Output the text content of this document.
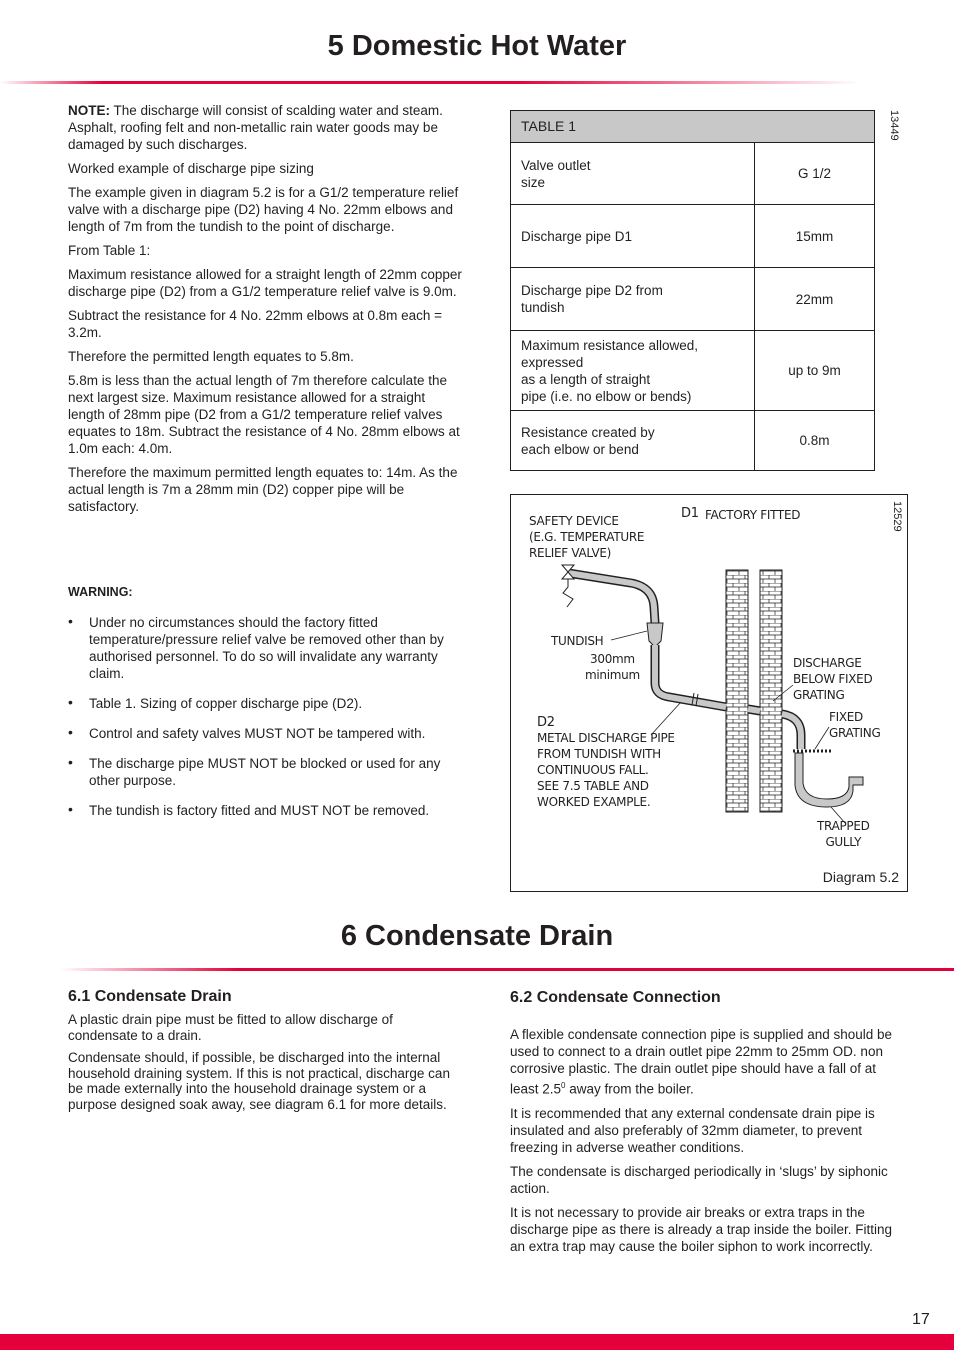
5 Domestic Hot Water

NOTE: The discharge will consist of scalding water and steam. Asphalt, roofing felt and non-metallic rain water goods may be damaged by such discharges.

Worked example of discharge pipe sizing

The example given in diagram 5.2 is for a G1/2 temperature relief valve with a discharge pipe (D2) having 4 No. 22mm elbows and length of 7m from the tundish to the point of discharge.

From Table 1:

Maximum resistance allowed for a straight length of 22mm copper discharge pipe (D2) from a G1/2 temperature relief valve is 9.0m.

Subtract the resistance for 4 No. 22mm elbows at 0.8m each = 3.2m.

Therefore the permitted length equates to 5.8m.

5.8m is less than the actual length of 7m therefore calculate the next largest size. Maximum resistance allowed for a straight length of 28mm pipe (D2 from a G1/2 temperature relief valves equates to 18m. Subtract the resistance of 4 No. 28mm elbows at 1.0m each: 4.0m.

Therefore the maximum permitted length equates to: 14m. As the actual length is 7m a 28mm min (D2) copper pipe will be satisfactory.

WARNING:

• Under no circumstances should the factory fitted temperature/pressure relief valve be removed other than by authorised personnel. To do so will invalidate any warranty claim.
• Table 1. Sizing of copper discharge pipe (D2).
• Control and safety valves MUST NOT be tampered with.
• The discharge pipe MUST NOT be blocked or used for any other purpose.
• The tundish is factory fitted and MUST NOT be removed.
TABLE 1	
Valve outlet
size	G 1/2
Discharge pipe D1	15mm
Discharge pipe D2 from
tundish	22mm
Maximum resistance allowed,
expressed
as a length of straight
pipe (i.e. no elbow or bends)	up to 9m
Resistance created by
each elbow or bend	0.8m
13449
SAFETY DEVICE
(E.G. TEMPERATURE
RELIEF VALVE)
D1 FACTORY FITTED
TUNDISH
300mm
minimum
DISCHARGE
BELOW FIXED
GRATING
FIXED
GRATING
D2
METAL DISCHARGE PIPE
FROM TUNDISH WITH
CONTINUOUS FALL.
SEE 7.5 TABLE AND
WORKED EXAMPLE.
TRAPPED
GULLY
Diagram 5.2
12529
6 Condensate Drain
6.1 Condensate Drain

A plastic drain pipe must be fitted to allow discharge of condensate to a drain.

Condensate should, if possible, be discharged into the internal household draining system. If this is not practical, discharge can be made externally into the household drainage system or a purpose designed soak away, see diagram 6.1 for more details.

6.2 Condensate Connection

A flexible condensate connection pipe is supplied and should be used to connect to a drain outlet pipe 22mm to 25mm OD. non corrosive plastic. The drain outlet pipe should have a fall of at least $2.5^0$ away from the boiler.

It is recommended that any external condensate drain pipe is insulated and also preferably of 32mm diameter, to prevent freezing in adverse weather conditions.

The condensate is discharged periodically in ‘slugs’ by siphonic action.

It is not necessary to provide air breaks or extra traps in the discharge pipe as there is already a trap inside the boiler. Fitting an extra trap may cause the boiler siphon to work incorrectly.

17
